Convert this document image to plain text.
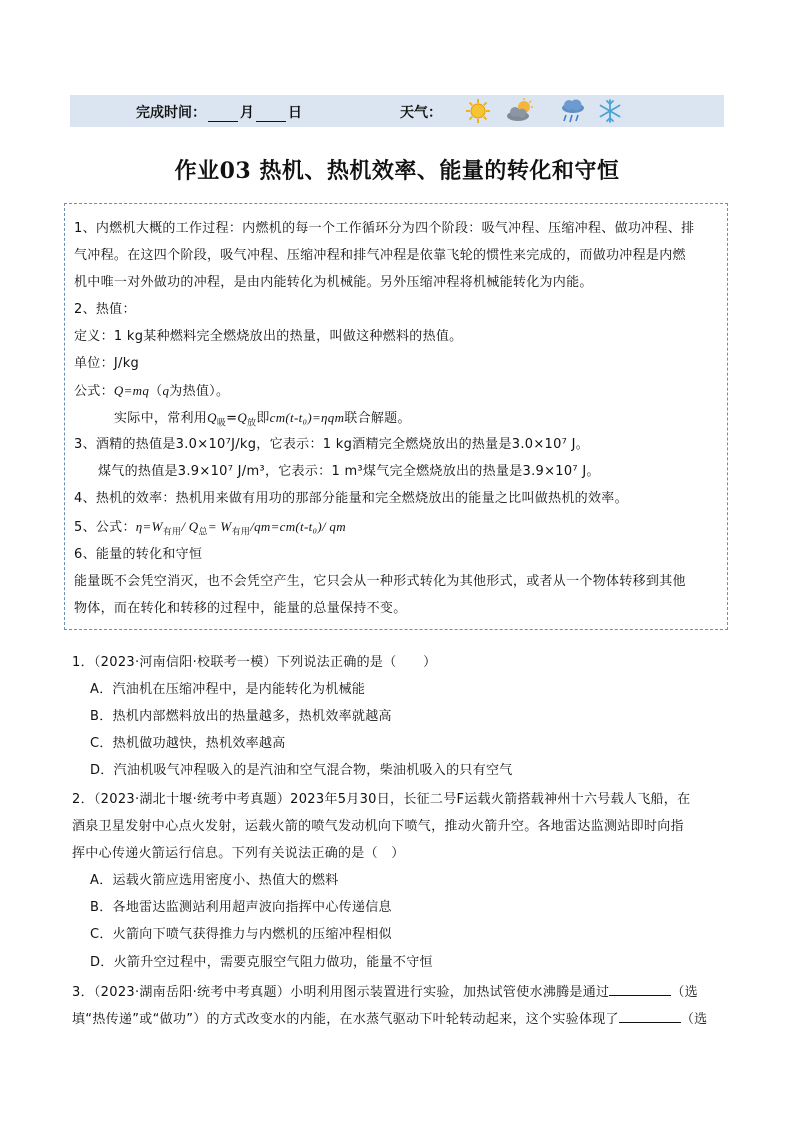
完成时间： 月 日	天气：
作业03 热机、热机效率、能量的转化和守恒
1、内燃机大概的工作过程：内燃机的每一个工作循环分为四个阶段：吸气冲程、压缩冲程、做功冲程、排
气冲程。在这四个阶段，吸气冲程、压缩冲程和排气冲程是依靠飞轮的惯性来完成的，而做功冲程是内燃
机中唯一对外做功的冲程，是由内能转化为机械能。另外压缩冲程将机械能转化为内能。
2、热值：
定义：1 kg某种燃料完全燃烧放出的热量，叫做这种燃料的热值。
单位：J/kg
公式：Q=mq（q为热值）。
实际中，常利用$Q_吸=Q_放$即cm(t-t₀)=ηqm联合解题。
3、酒精的热值是3.0×10⁷J/kg，它表示：1 kg酒精完全燃烧放出的热量是3.0×10⁷ J。
煤气的热值是3.9×10⁷ J/m³，它表示：1 m³煤气完全燃烧放出的热量是3.9×10⁷ J。
4、热机的效率：热机用来做有用功的那部分能量和完全燃烧放出的能量之比叫做热机的效率。
5、公式：$\eta=W_{有用}/$ $Q_总= W_{有用}/qm=cm(t-t_0)/$ qm
6、能量的转化和守恒
能量既不会凭空消灭，也不会凭空产生，它只会从一种形式转化为其他形式，或者从一个物体转移到其他
物体，而在转化和转移的过程中，能量的总量保持不变。
1．（2023·河南信阳·校联考一模）下列说法正确的是（　　）
A．汽油机在压缩冲程中，是内能转化为机械能
B．热机内部燃料放出的热量越多，热机效率就越高
C．热机做功越快，热机效率越高
D．汽油机吸气冲程吸入的是汽油和空气混合物，柴油机吸入的只有空气
2．（2023·湖北十堰·统考中考真题）2023年5月30日，长征二号F运载火箭搭载神州十六号载人飞船，在
酒泉卫星发射中心点火发射，运载火箭的喷气发动机向下喷气，推动火箭升空。各地雷达监测站即时向指
挥中心传递火箭运行信息。下列有关说法正确的是（　）
A．运载火箭应选用密度小、热值大的燃料
B．各地雷达监测站利用超声波向指挥中心传递信息
C．火箭向下喷气获得推力与内燃机的压缩冲程相似
D．火箭升空过程中，需要克服空气阻力做功，能量不守恒
3．（2023·湖南岳阳·统考中考真题）小明利用图示装置进行实验，加热试管使水沸腾是通过	（选
填“热传递”或“做功”）的方式改变水的内能，在水蒸气驱动下叶轮转动起来，这个实验体现了	（选
